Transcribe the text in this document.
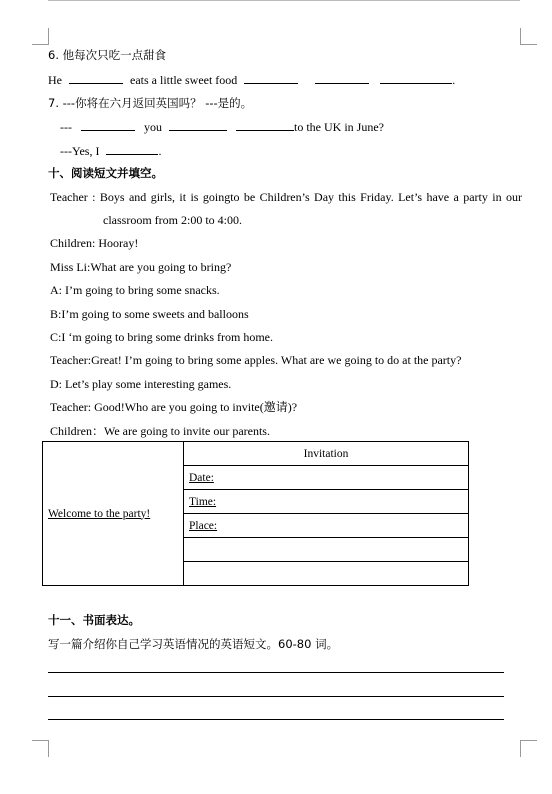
6. 他每次只吃一点甜食
He	eats a little sweet food	.
7. ---你将在六月返回英国吗？ ---是的。
---	you	to the UK in June?
---Yes, I	.
十、阅读短文并填空。
Teacher : Boys and girls, it is goingto be Children’s Day this Friday. Let’s have a party in our
classroom from 2:00 to 4:00.
Children: Hooray!
Miss Li:What are you going to bring?
A: I’m going to bring some snacks.
B:I’m going to some sweets and balloons
C:I ‘m going to bring some drinks from home.
Teacher:Great! I’m going to bring some apples. What are we going to do at the party?
D: Let’s play some interesting games.
Teacher: Good!Who are you going to invite(邀请)?
Children：We are going to invite our parents.
Welcome to the party!	Invitation
Date:
Time:
Place:

十一、书面表达。
写一篇介绍你自己学习英语情况的英语短文。60-80 词。
